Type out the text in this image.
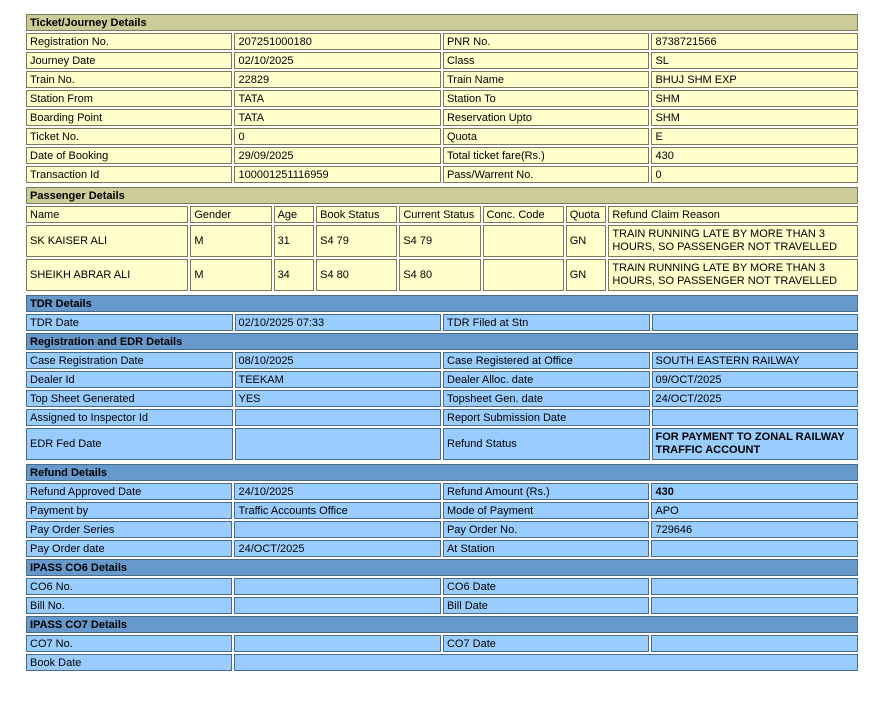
Ticket/Journey Details			
Registration No.	207251000180	PNR No.	8738721566
Journey Date	02/10/2025	Class	SL
Train No.	22829	Train Name	BHUJ SHM EXP
Station From	TATA	Station To	SHM
Boarding Point	TATA	Reservation Upto	SHM
Ticket No.	0	Quota	E
Date of Booking	29/09/2025	Total ticket fare(Rs.)	430
Transaction Id	100001251116959	Pass/Warrent No.	0
Passenger Details							
Name	Gender	Age	Book Status	Current Status	Conc. Code	Quota	Refund Claim Reason
SK KAISER ALI	M	31	S4 79	S4 79		GN	TRAIN RUNNING LATE BY MORE THAN 3 HOURS, SO PASSENGER NOT TRAVELLED
SHEIKH ABRAR ALI	M	34	S4 80	S4 80		GN	TRAIN RUNNING LATE BY MORE THAN 3 HOURS, SO PASSENGER NOT TRAVELLED
TDR Details			
TDR Date	02/10/2025 07:33	TDR Filed at Stn	
Registration and EDR Details			
Case Registration Date	08/10/2025	Case Registered at Office	SOUTH EASTERN RAILWAY
Dealer Id	TEEKAM	Dealer Alloc. date	09/OCT/2025
Top Sheet Generated	YES	Topsheet Gen. date	24/OCT/2025
Assigned to Inspector Id		Report Submission Date	
EDR Fed Date		Refund Status	FOR PAYMENT TO ZONAL RAILWAY TRAFFIC ACCOUNT
Refund Details			
Refund Approved Date	24/10/2025	Refund Amount (Rs.)	430
Payment by	Traffic Accounts Office	Mode of Payment	APO
Pay Order Series		Pay Order No.	729646
Pay Order date	24/OCT/2025	At Station	
IPASS CO6 Details			
CO6 No.		CO6 Date	
Bill No.		Bill Date	
IPASS CO7 Details			
CO7 No.		CO7 Date	
Book Date			
